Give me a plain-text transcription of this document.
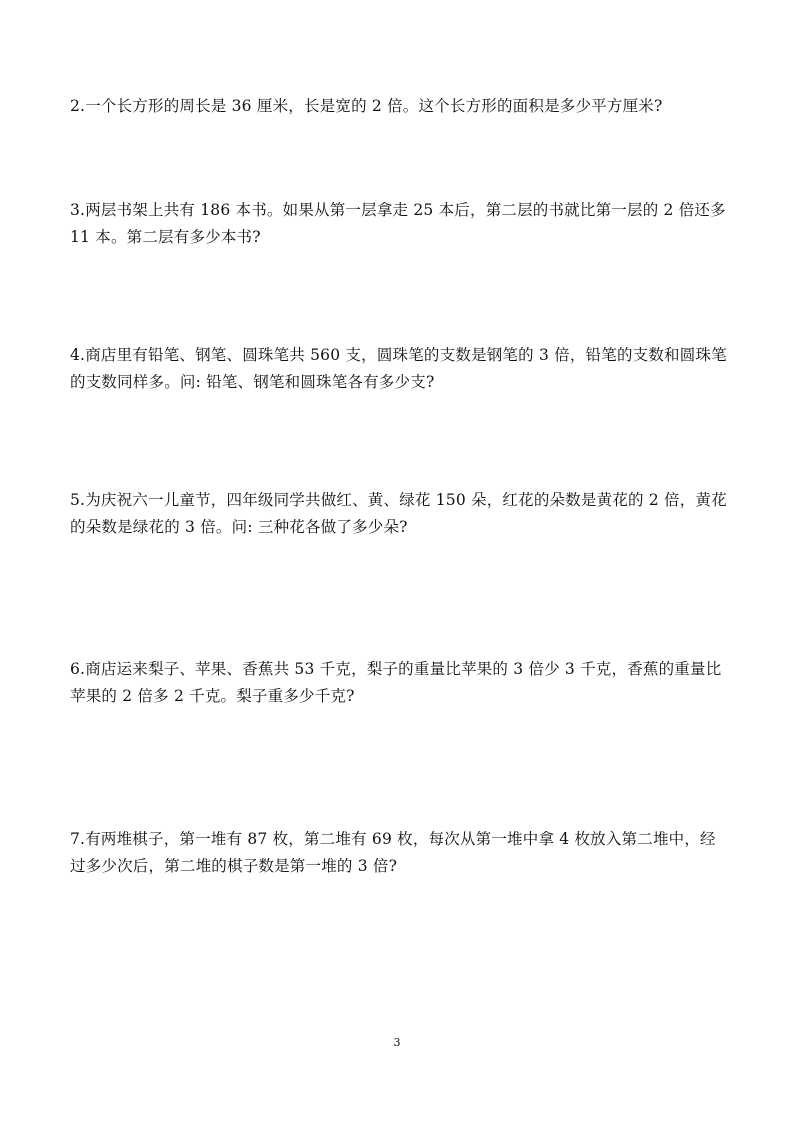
2.一个长方形的周长是 36 厘米，长是宽的 2 倍。这个长方形的面积是多少平方厘米?
3.两层书架上共有 186 本书。如果从第一层拿走 25 本后，第二层的书就比第一层的 2 倍还多 11 本。第二层有多少本书?
4.商店里有铅笔、钢笔、圆珠笔共 560 支，圆珠笔的支数是钢笔的 3 倍，铅笔的支数和圆珠笔的支数同样多。问: 铅笔、钢笔和圆珠笔各有多少支?
5.为庆祝六一儿童节，四年级同学共做红、黄、绿花 150 朵，红花的朵数是黄花的 2 倍，黄花的朵数是绿花的 3 倍。问: 三种花各做了多少朵?
6.商店运来梨子、苹果、香蕉共 53 千克，梨子的重量比苹果的 3 倍少 3 千克，香蕉的重量比苹果的 2 倍多 2 千克。梨子重多少千克?
7.有两堆棋子，第一堆有 87 枚，第二堆有 69 枚，每次从第一堆中拿 4 枚放入第二堆中，经过多少次后，第二堆的棋子数是第一堆的 3 倍?
3
